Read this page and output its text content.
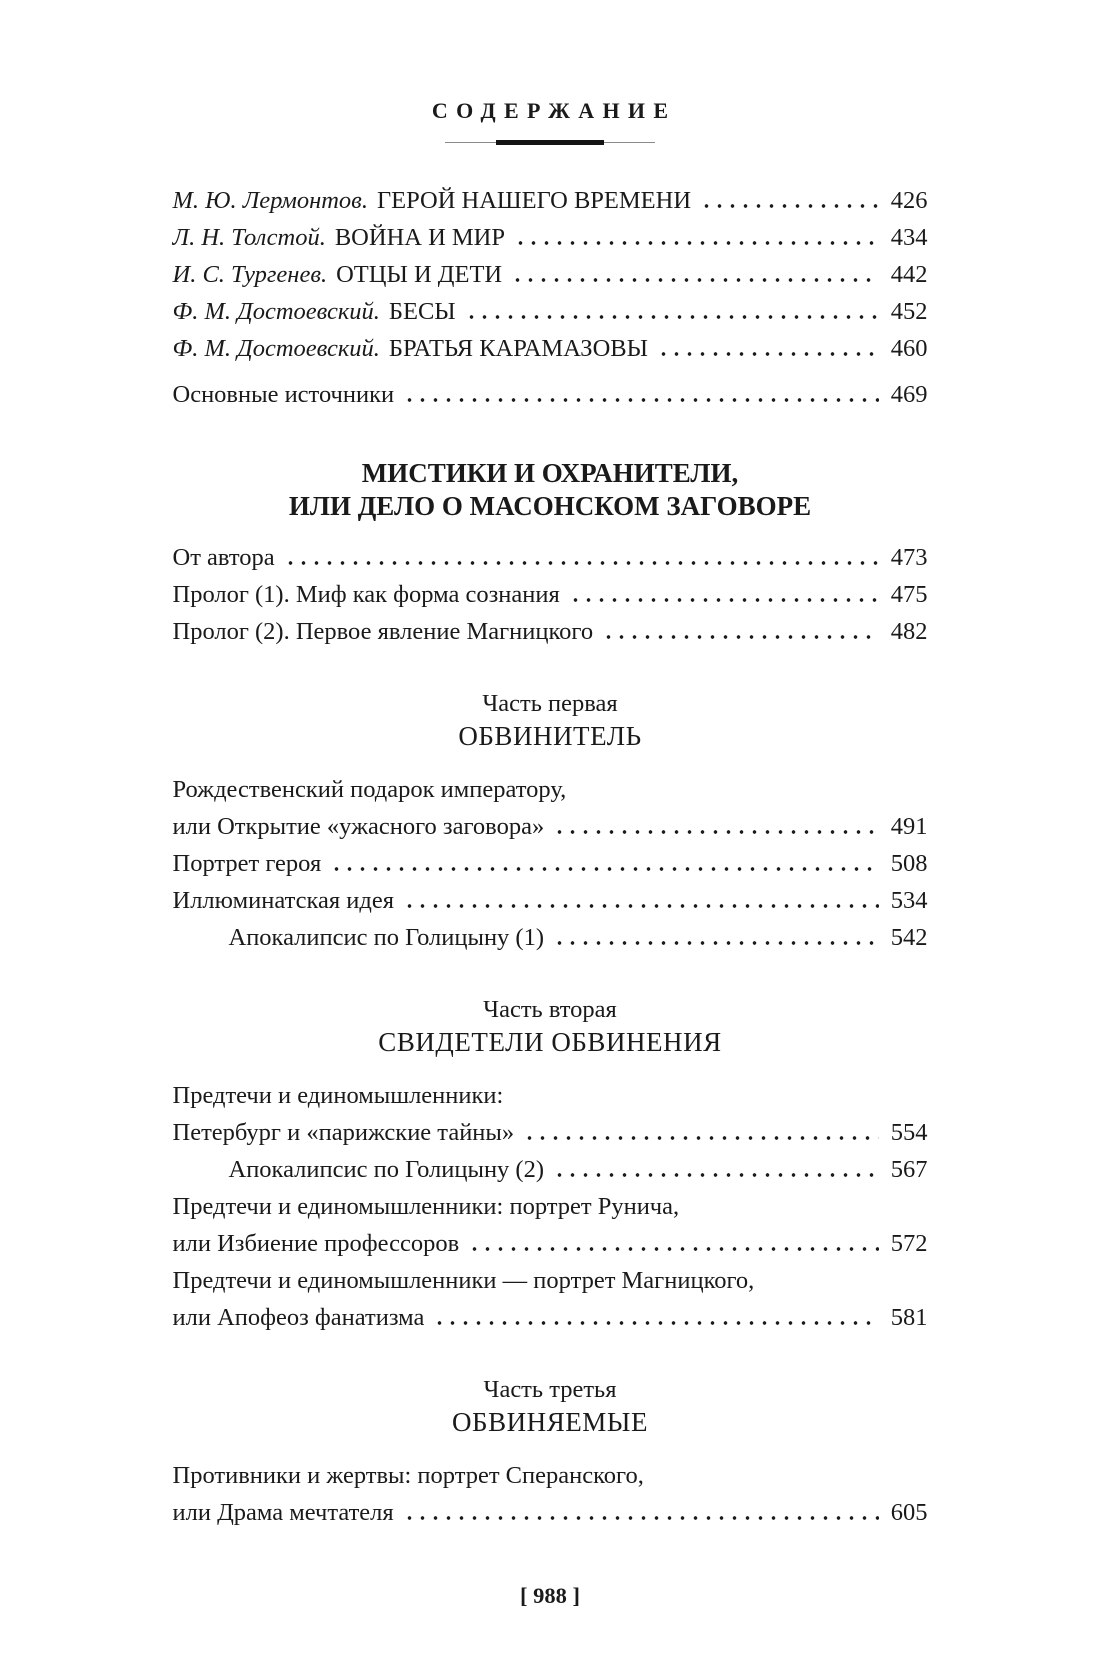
СОДЕРЖАНИЕ
М. Ю. Лермонтов. ГЕРОЙ НАШЕГО ВРЕМЕНИ	426
Л. Н. Толстой. ВОЙНА И МИР	434
И. С. Тургенев. ОТЦЫ И ДЕТИ	442
Ф. М. Достоевский. БЕСЫ	452
Ф. М. Достоевский. БРАТЬЯ КАРАМАЗОВЫ	460
Основные источники	469
МИСТИКИ И ОХРАНИТЕЛИ,
ИЛИ ДЕЛО О МАСОНСКОМ ЗАГОВОРЕ
От автора	473
Пролог (1). Миф как форма сознания	475
Пролог (2). Первое явление Магницкого	482
Часть первая
ОБВИНИТЕЛЬ
Рождественский подарок императору,
или Открытие «ужасного заговора»	491
Портрет героя	508
Иллюминатская идея	534
Апокалипсис по Голицыну (1)	542
Часть вторая
СВИДЕТЕЛИ ОБВИНЕНИЯ
Предтечи и единомышленники:
Петербург и «парижские тайны»	554
Апокалипсис по Голицыну (2)	567
Предтечи и единомышленники: портрет Рунича,
или Избиение профессоров	572
Предтечи и единомышленники — портрет Магницкого,
или Апофеоз фанатизма	581
Часть третья
ОБВИНЯЕМЫЕ
Противники и жертвы: портрет Сперанского,
или Драма мечтателя	605
[ 988 ]
